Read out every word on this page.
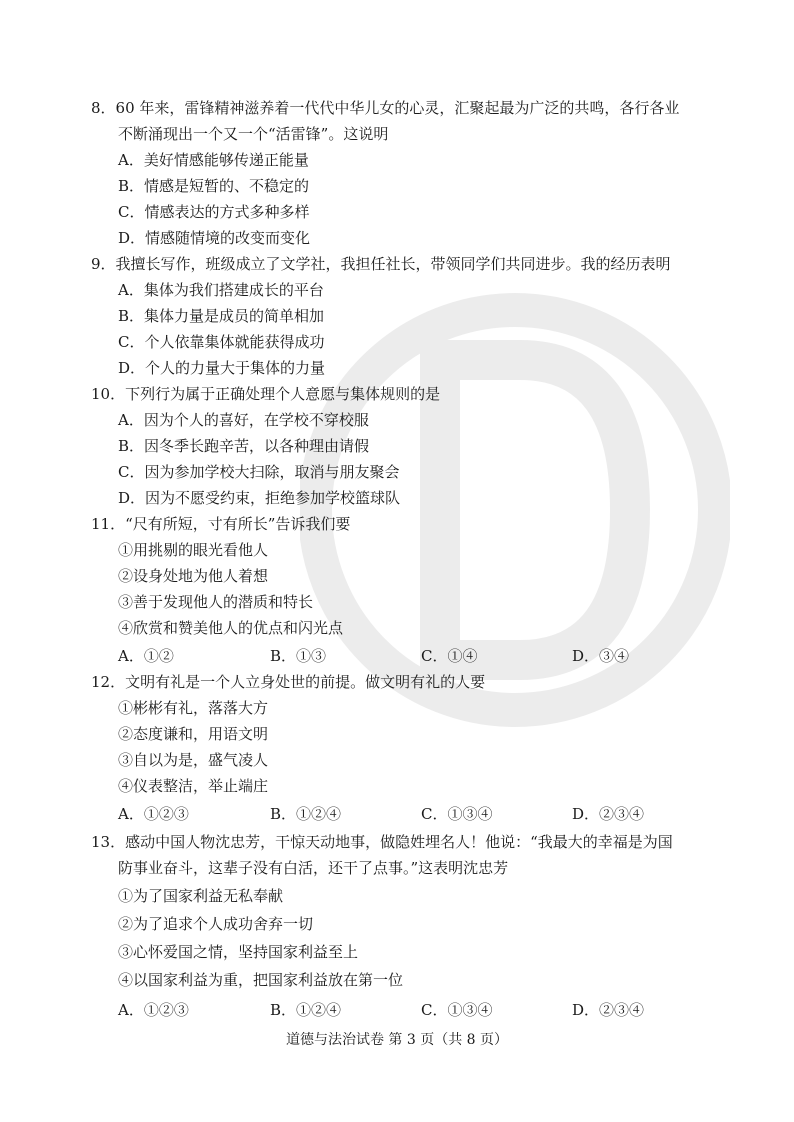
8．60 年来，雷锋精神滋养着一代代中华儿女的心灵，汇聚起最为广泛的共鸣，各行各业
不断涌现出一个又一个“活雷锋”。这说明
A．美好情感能够传递正能量
B．情感是短暂的、不稳定的
C．情感表达的方式多种多样
D．情感随情境的改变而变化
9．我擅长写作，班级成立了文学社，我担任社长，带领同学们共同进步。我的经历表明
A．集体为我们搭建成长的平台
B．集体力量是成员的简单相加
C．个人依靠集体就能获得成功
D．个人的力量大于集体的力量
10．下列行为属于正确处理个人意愿与集体规则的是
A．因为个人的喜好，在学校不穿校服
B．因冬季长跑辛苦，以各种理由请假
C．因为参加学校大扫除，取消与朋友聚会
D．因为不愿受约束，拒绝参加学校篮球队
11．“尺有所短，寸有所长”告诉我们要
①用挑剔的眼光看他人
②设身处地为他人着想
③善于发现他人的潜质和特长
④欣赏和赞美他人的优点和闪光点
A．①②	B．①③	C．①④	D．③④
12．文明有礼是一个人立身处世的前提。做文明有礼的人要
①彬彬有礼，落落大方
②态度谦和，用语文明
③自以为是，盛气凌人
④仪表整洁，举止端庄
A．①②③	B．①②④	C．①③④	D．②③④
13．感动中国人物沈忠芳，干惊天动地事，做隐姓埋名人！他说：“我最大的幸福是为国
防事业奋斗，这辈子没有白活，还干了点事。”这表明沈忠芳
①为了国家利益无私奉献
②为了追求个人成功舍弃一切
③心怀爱国之情，坚持国家利益至上
④以国家利益为重，把国家利益放在第一位
A．①②③	B．①②④	C．①③④	D．②③④
道德与法治试卷 第 3 页（共 8 页）
